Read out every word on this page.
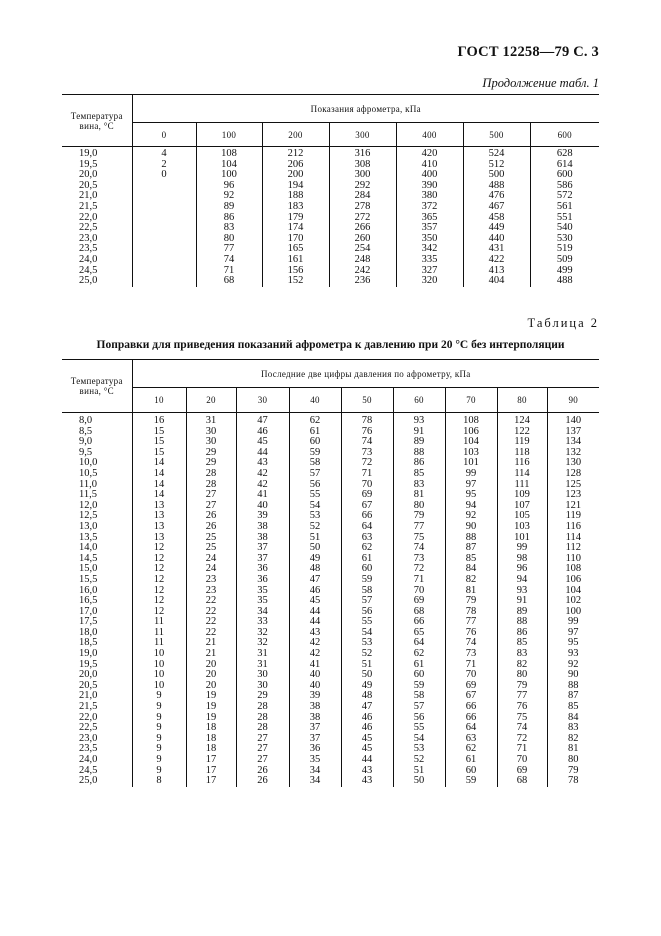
ГОСТ 12258—79 С. 3
Продолжение табл. 1
Температура
вина, °С	Показания афрометра, кПа						
	0	100	200	300	400	500	600
19,0	4	108	212	316	420	524	628
19,5	2	104	206	308	410	512	614
20,0	0	100	200	300	400	500	600
20,5		96	194	292	390	488	586
21,0		92	188	284	380	476	572
21,5		89	183	278	372	467	561
22,0		86	179	272	365	458	551
22,5		83	174	266	357	449	540
23,0		80	170	260	350	440	530
23,5		77	165	254	342	431	519
24,0		74	161	248	335	422	509
24,5		71	156	242	327	413	499
25,0		68	152	236	320	404	488
Таблица 2
Поправки для приведения показаний афрометра к давлению при 20 °С без интерполяции
Температура
вина, °С	Последние две цифры давления по афрометру, кПа								
	10	20	30	40	50	60	70	80	90
8,0	16	31	47	62	78	93	108	124	140
8,5	15	30	46	61	76	91	106	122	137
9,0	15	30	45	60	74	89	104	119	134
9,5	15	29	44	59	73	88	103	118	132
10,0	14	29	43	58	72	86	101	116	130
10,5	14	28	42	57	71	85	99	114	128
11,0	14	28	42	56	70	83	97	111	125
11,5	14	27	41	55	69	81	95	109	123
12,0	13	27	40	54	67	80	94	107	121
12,5	13	26	39	53	66	79	92	105	119
13,0	13	26	38	52	64	77	90	103	116
13,5	13	25	38	51	63	75	88	101	114
14,0	12	25	37	50	62	74	87	99	112
14,5	12	24	37	49	61	73	85	98	110
15,0	12	24	36	48	60	72	84	96	108
15,5	12	23	36	47	59	71	82	94	106
16,0	12	23	35	46	58	70	81	93	104
16,5	12	22	35	45	57	69	79	91	102
17,0	12	22	34	44	56	68	78	89	100
17,5	11	22	33	44	55	66	77	88	99
18,0	11	22	32	43	54	65	76	86	97
18,5	11	21	32	42	53	64	74	85	95
19,0	10	21	31	42	52	62	73	83	93
19,5	10	20	31	41	51	61	71	82	92
20,0	10	20	30	40	50	60	70	80	90
20,5	10	20	30	40	49	59	69	79	88
21,0	9	19	29	39	48	58	67	77	87
21,5	9	19	28	38	47	57	66	76	85
22,0	9	19	28	38	46	56	66	75	84
22,5	9	18	28	37	46	55	64	74	83
23,0	9	18	27	37	45	54	63	72	82
23,5	9	18	27	36	45	53	62	71	81
24,0	9	17	27	35	44	52	61	70	80
24,5	9	17	26	34	43	51	60	69	79
25,0	8	17	26	34	43	50	59	68	78
